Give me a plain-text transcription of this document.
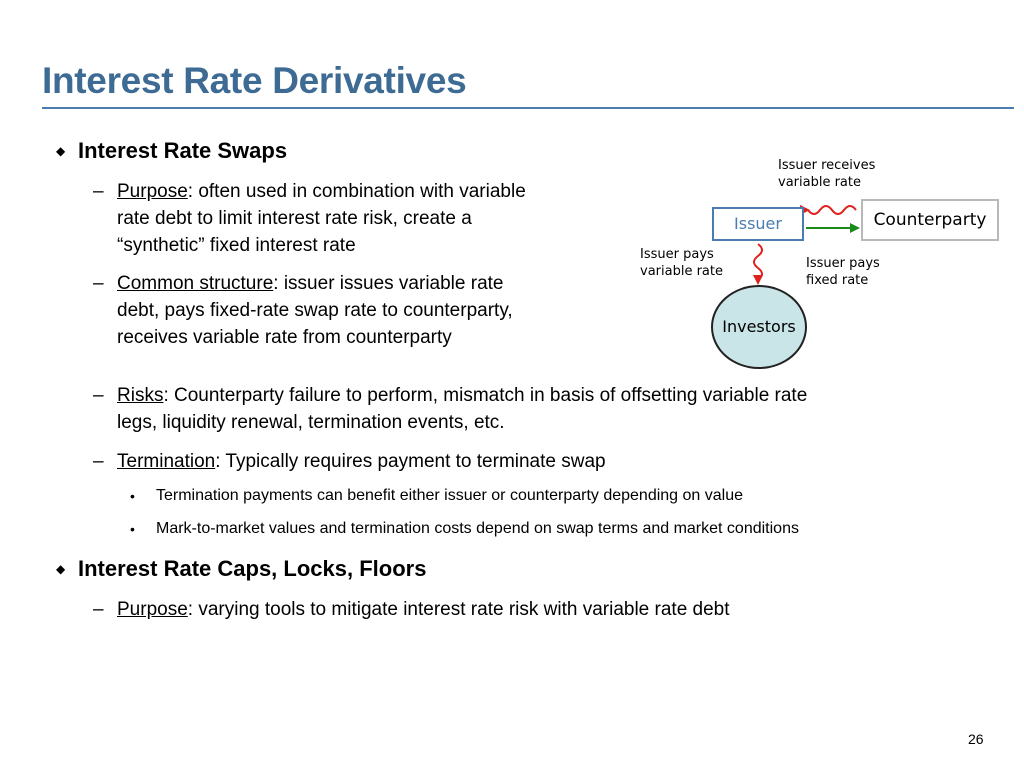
Interest Rate Derivatives
◆ Interest Rate Swaps
– Purpose: often used in combination with variable
rate debt to limit interest rate risk, create a
“synthetic” fixed interest rate
– Common structure: issuer issues variable rate
debt, pays fixed-rate swap rate to counterparty,
receives variable rate from counterparty
– Risks: Counterparty failure to perform, mismatch in basis of offsetting variable rate
legs, liquidity renewal, termination events, etc.
– Termination: Typically requires payment to terminate swap
• Termination payments can benefit either issuer or counterparty depending on value
• Mark-to-market values and termination costs depend on swap terms and market conditions
◆ Interest Rate Caps, Locks, Floors
– Purpose: varying tools to mitigate interest rate risk with variable rate debt
Issuer receives
variable rate
Issuer	Counterparty
Issuer pays
variable rate
Issuer pays
fixed rate
Investors
26
